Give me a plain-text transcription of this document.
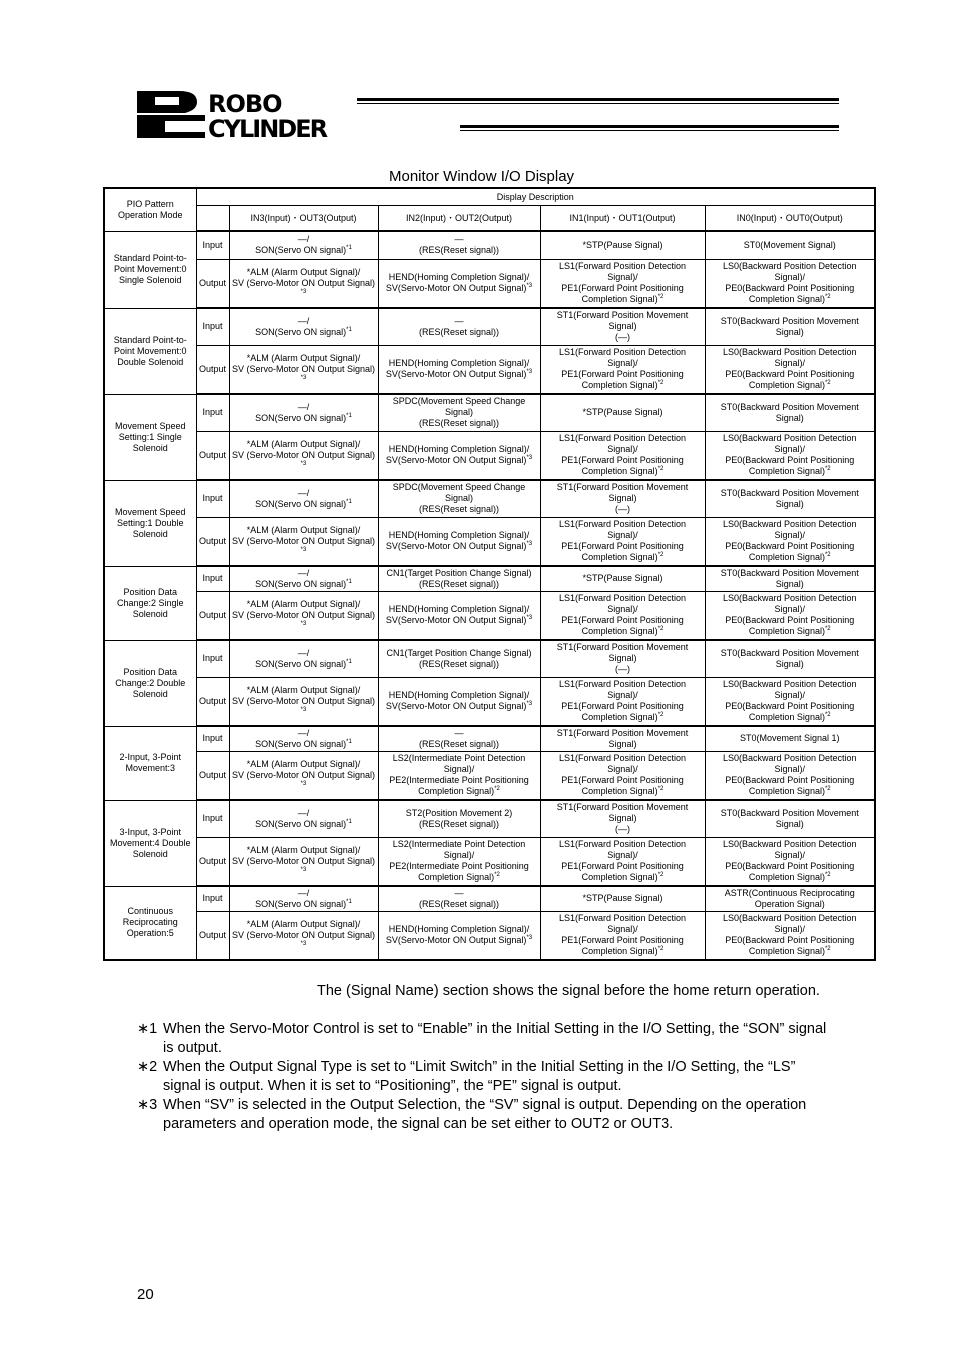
ROBO
CYLINDER
Monitor Window I/O Display
PIO Pattern Operation Mode	Display Description				
		IN3(Input)・OUT3(Output)	IN2(Input)・OUT2(Output)	IN1(Input)・OUT1(Output)	IN0(Input)・OUT0(Output)
Standard Point-to-Point Movement:0 Single Solenoid	Input	—/
SON(Servo ON signal)$^{*1}$	—
(RES(Reset signal))	*STP(Pause Signal)	ST0(Movement Signal)
	Output	*ALM (Alarm Output Signal)/
SV (Servo-Motor ON Output Signal) $^{*3}$	HEND(Homing Completion Signal)/
SV(Servo-Motor ON Output Signal)$^{*3}$	LS1(Forward Position Detection Signal)/
PE1(Forward Point Positioning Completion Signal)$^{*2}$	LS0(Backward Position Detection Signal)/
PE0(Backward Point Positioning Completion Signal)$^{*2}$
Standard Point-to-Point Movement:0 Double Solenoid	Input	—/
SON(Servo ON signal)$^{*1}$	—
(RES(Reset signal))	ST1(Forward Position Movement Signal)
(—)	ST0(Backward Position Movement Signal)
	Output	*ALM (Alarm Output Signal)/
SV (Servo-Motor ON Output Signal) $^{*3}$	HEND(Homing Completion Signal)/
SV(Servo-Motor ON Output Signal)$^{*3}$	LS1(Forward Position Detection Signal)/
PE1(Forward Point Positioning Completion Signal)$^{*2}$	LS0(Backward Position Detection Signal)/
PE0(Backward Point Positioning Completion Signal)$^{*2}$
Movement Speed Setting:1 Single Solenoid	Input	—/
SON(Servo ON signal)$^{*1}$	SPDC(Movement Speed Change Signal)
(RES(Reset signal))	*STP(Pause Signal)	ST0(Backward Position Movement Signal)
	Output	*ALM (Alarm Output Signal)/
SV (Servo-Motor ON Output Signal) $^{*3}$	HEND(Homing Completion Signal)/
SV(Servo-Motor ON Output Signal)$^{*3}$	LS1(Forward Position Detection Signal)/
PE1(Forward Point Positioning Completion Signal)$^{*2}$	LS0(Backward Position Detection Signal)/
PE0(Backward Point Positioning Completion Signal)$^{*2}$
Movement Speed Setting:1 Double Solenoid	Input	—/
SON(Servo ON signal)$^{*1}$	SPDC(Movement Speed Change Signal)
(RES(Reset signal))	ST1(Forward Position Movement Signal)
(—)	ST0(Backward Position Movement Signal)
	Output	*ALM (Alarm Output Signal)/
SV (Servo-Motor ON Output Signal) $^{*3}$	HEND(Homing Completion Signal)/
SV(Servo-Motor ON Output Signal)$^{*3}$	LS1(Forward Position Detection Signal)/
PE1(Forward Point Positioning Completion Signal)$^{*2}$	LS0(Backward Position Detection Signal)/
PE0(Backward Point Positioning Completion Signal)$^{*2}$
Position Data Change:2 Single Solenoid	Input	—/
SON(Servo ON signal)$^{*1}$	CN1(Target Position Change Signal)
(RES(Reset signal))	*STP(Pause Signal)	ST0(Backward Position Movement Signal)
	Output	*ALM (Alarm Output Signal)/
SV (Servo-Motor ON Output Signal) $^{*3}$	HEND(Homing Completion Signal)/
SV(Servo-Motor ON Output Signal)$^{*3}$	LS1(Forward Position Detection Signal)/
PE1(Forward Point Positioning Completion Signal)$^{*2}$	LS0(Backward Position Detection Signal)/
PE0(Backward Point Positioning Completion Signal)$^{*2}$
Position Data Change:2 Double Solenoid	Input	—/
SON(Servo ON signal)$^{*1}$	CN1(Target Position Change Signal)
(RES(Reset signal))	ST1(Forward Position Movement Signal)
(—)	ST0(Backward Position Movement Signal)
	Output	*ALM (Alarm Output Signal)/
SV (Servo-Motor ON Output Signal) $^{*3}$	HEND(Homing Completion Signal)/
SV(Servo-Motor ON Output Signal)$^{*3}$	LS1(Forward Position Detection Signal)/
PE1(Forward Point Positioning Completion Signal)$^{*2}$	LS0(Backward Position Detection Signal)/
PE0(Backward Point Positioning Completion Signal)$^{*2}$
2-Input, 3-Point Movement:3	Input	—/
SON(Servo ON signal)$^{*1}$	—
(RES(Reset signal))	ST1(Forward Position Movement Signal)	ST0(Movement Signal 1)
	Output	*ALM (Alarm Output Signal)/
SV (Servo-Motor ON Output Signal) $^{*3}$	LS2(Intermediate Point Detection Signal)/
PE2(Intermediate Point Positioning Completion Signal)$^{*2}$	LS1(Forward Position Detection Signal)/
PE1(Forward Point Positioning Completion Signal)$^{*2}$	LS0(Backward Position Detection Signal)/
PE0(Backward Point Positioning Completion Signal)$^{*2}$
3-Input, 3-Point Movement:4 Double Solenoid	Input	—/
SON(Servo ON signal)$^{*1}$	ST2(Position Movement 2)
(RES(Reset signal))	ST1(Forward Position Movement Signal)
(—)	ST0(Backward Position Movement Signal)
	Output	*ALM (Alarm Output Signal)/
SV (Servo-Motor ON Output Signal) $^{*3}$	LS2(Intermediate Point Detection Signal)/
PE2(Intermediate Point Positioning Completion Signal)$^{*2}$	LS1(Forward Position Detection Signal)/
PE1(Forward Point Positioning Completion Signal)$^{*2}$	LS0(Backward Position Detection Signal)/
PE0(Backward Point Positioning Completion Signal)$^{*2}$
Continuous Reciprocating Operation:5	Input	—/
SON(Servo ON signal)$^{*1}$	—
(RES(Reset signal))	*STP(Pause Signal)	ASTR(Continuous Reciprocating Operation Signal)
	Output	*ALM (Alarm Output Signal)/
SV (Servo-Motor ON Output Signal) $^{*3}$	HEND(Homing Completion Signal)/
SV(Servo-Motor ON Output Signal)$^{*3}$	LS1(Forward Position Detection Signal)/
PE1(Forward Point Positioning Completion Signal)$^{*2}$	LS0(Backward Position Detection Signal)/
PE0(Backward Point Positioning Completion Signal)$^{*2}$
The (Signal Name) section shows the signal before the home return operation.
∗1 When the Servo-Motor Control is set to “Enable” in the Initial Setting in the I/O Setting, the “SON” signal is output.
∗2 When the Output Signal Type is set to “Limit Switch” in the Initial Setting in the I/O Setting, the “LS” signal is output. When it is set to “Positioning”, the “PE” signal is output.
∗3 When “SV” is selected in the Output Selection, the “SV” signal is output. Depending on the operation parameters and operation mode, the signal can be set either to OUT2 or OUT3.
20
